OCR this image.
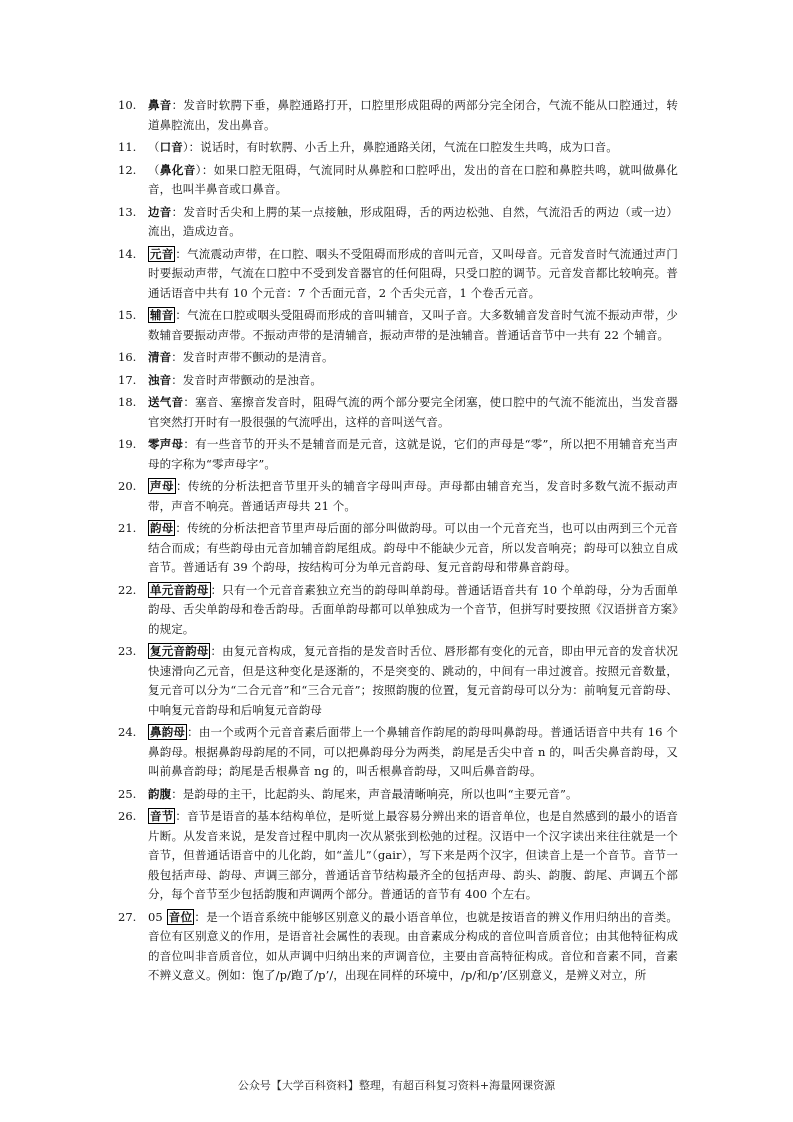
10. 鼻音：发音时软腭下垂，鼻腔通路打开，口腔里形成阻碍的两部分完全闭合，气流不能从口腔通过，转道鼻腔流出，发出鼻音。
11. （口音）：说话时，有时软腭、小舌上升，鼻腔通路关闭，气流在口腔发生共鸣，成为口音。
12. （鼻化音）：如果口腔无阻碍，气流同时从鼻腔和口腔呼出，发出的音在口腔和鼻腔共鸣，就叫做鼻化音，也叫半鼻音或口鼻音。
13. 边音：发音时舌尖和上腭的某一点接触，形成阻碍，舌的两边松弛、自然，气流沿舌的两边（或一边）流出，造成边音。
14. 元音 ：气流震动声带，在口腔、咽头不受阻碍而形成的音叫元音，又叫母音。元音发音时气流通过声门时要振动声带，气流在口腔中不受到发音器官的任何阻碍，只受口腔的调节。元音发音都比较响亮。普通话语音中共有 10 个元音：7 个舌面元音，2 个舌尖元音，1 个卷舌元音。
15. 辅音 ：气流在口腔或咽头受阻碍而形成的音叫辅音，又叫子音。大多数辅音发音时气流不振动声带，少数辅音要振动声带。不振动声带的是清辅音，振动声带的是浊辅音。普通话音节中一共有 22 个辅音。
16. 清音：发音时声带不颤动的是清音。
17. 浊音：发音时声带颤动的是浊音。
18. 送气音：塞音、塞擦音发音时，阻碍气流的两个部分要完全闭塞，使口腔中的气流不能流出，当发音器官突然打开时有一股很强的气流呼出，这样的音叫送气音。
19. 零声母：有一些音节的开头不是辅音而是元音，这就是说，它们的声母是“零”，所以把不用辅音充当声母的字称为“零声母字”。
20. 声母 ：传统的分析法把音节里开头的辅音字母叫声母。声母都由辅音充当，发音时多数气流不振动声带，声音不响亮。普通话声母共 21 个。
21. 韵母 ：传统的分析法把音节里声母后面的部分叫做韵母。可以由一个元音充当，也可以由两到三个元音结合而成；有些韵母由元音加辅音韵尾组成。韵母中不能缺少元音，所以发音响亮；韵母可以独立自成音节。普通话有 39 个韵母，按结构可分为单元音韵母、复元音韵母和带鼻音韵母。
22. 单元音韵母 ：只有一个元音音素独立充当的韵母叫单韵母。普通话语音共有 10 个单韵母，分为舌面单韵母、舌尖单韵母和卷舌韵母。舌面单韵母都可以单独成为一个音节，但拼写时要按照《汉语拼音方案》的规定。
23. 复元音韵母 ：由复元音构成，复元音指的是发音时舌位、唇形都有变化的元音，即由甲元音的发音状况快速滑向乙元音，但是这种变化是逐渐的，不是突变的、跳动的，中间有一串过渡音。按照元音数量，复元音可以分为“二合元音”和“三合元音”；按照韵腹的位置，复元音韵母可以分为：前响复元音韵母、中响复元音韵母和后响复元音韵母
24. 鼻韵母 ：由一个或两个元音音素后面带上一个鼻辅音作韵尾的韵母叫鼻韵母。普通话语音中共有 16 个鼻韵母。根据鼻韵母韵尾的不同，可以把鼻韵母分为两类，韵尾是舌尖中音 n 的，叫舌尖鼻音韵母，又叫前鼻音韵母；韵尾是舌根鼻音 ng 的，叫舌根鼻音韵母，又叫后鼻音韵母。
25. 韵腹：是韵母的主干，比起韵头、韵尾来，声音最清晰响亮，所以也叫“主要元音”。
26. 音节 ：音节是语音的基本结构单位，是听觉上最容易分辨出来的语音单位，也是自然感到的最小的语音片断。从发音来说，是发音过程中肌肉一次从紧张到松弛的过程。汉语中一个汉字读出来往往就是一个音节，但普通话语音中的儿化韵，如“盖儿”（gair），写下来是两个汉字，但读音上是一个音节。音节一般包括声母、韵母、声调三部分，普通话音节结构最齐全的包括声母、韵头、韵腹、韵尾、声调五个部分，每个音节至少包括韵腹和声调两个部分。普通话的音节有 400 个左右。
27. 05 音位 ：是一个语音系统中能够区别意义的最小语音单位，也就是按语音的辨义作用归纳出的音类。音位有区别意义的作用，是语音社会属性的表现。由音素成分构成的音位叫音质音位；由其他特征构成的音位叫非音质音位，如从声调中归纳出来的声调音位，主要由音高特征构成。音位和音素不同，音素不辨义意义。例如：饱了/p/跑了/p’/，出现在同样的环境中，/p/和/p’/区别意义，是辨义对立，所
公众号【大学百科资料】整理，有超百科复习资料+海量网课资源
